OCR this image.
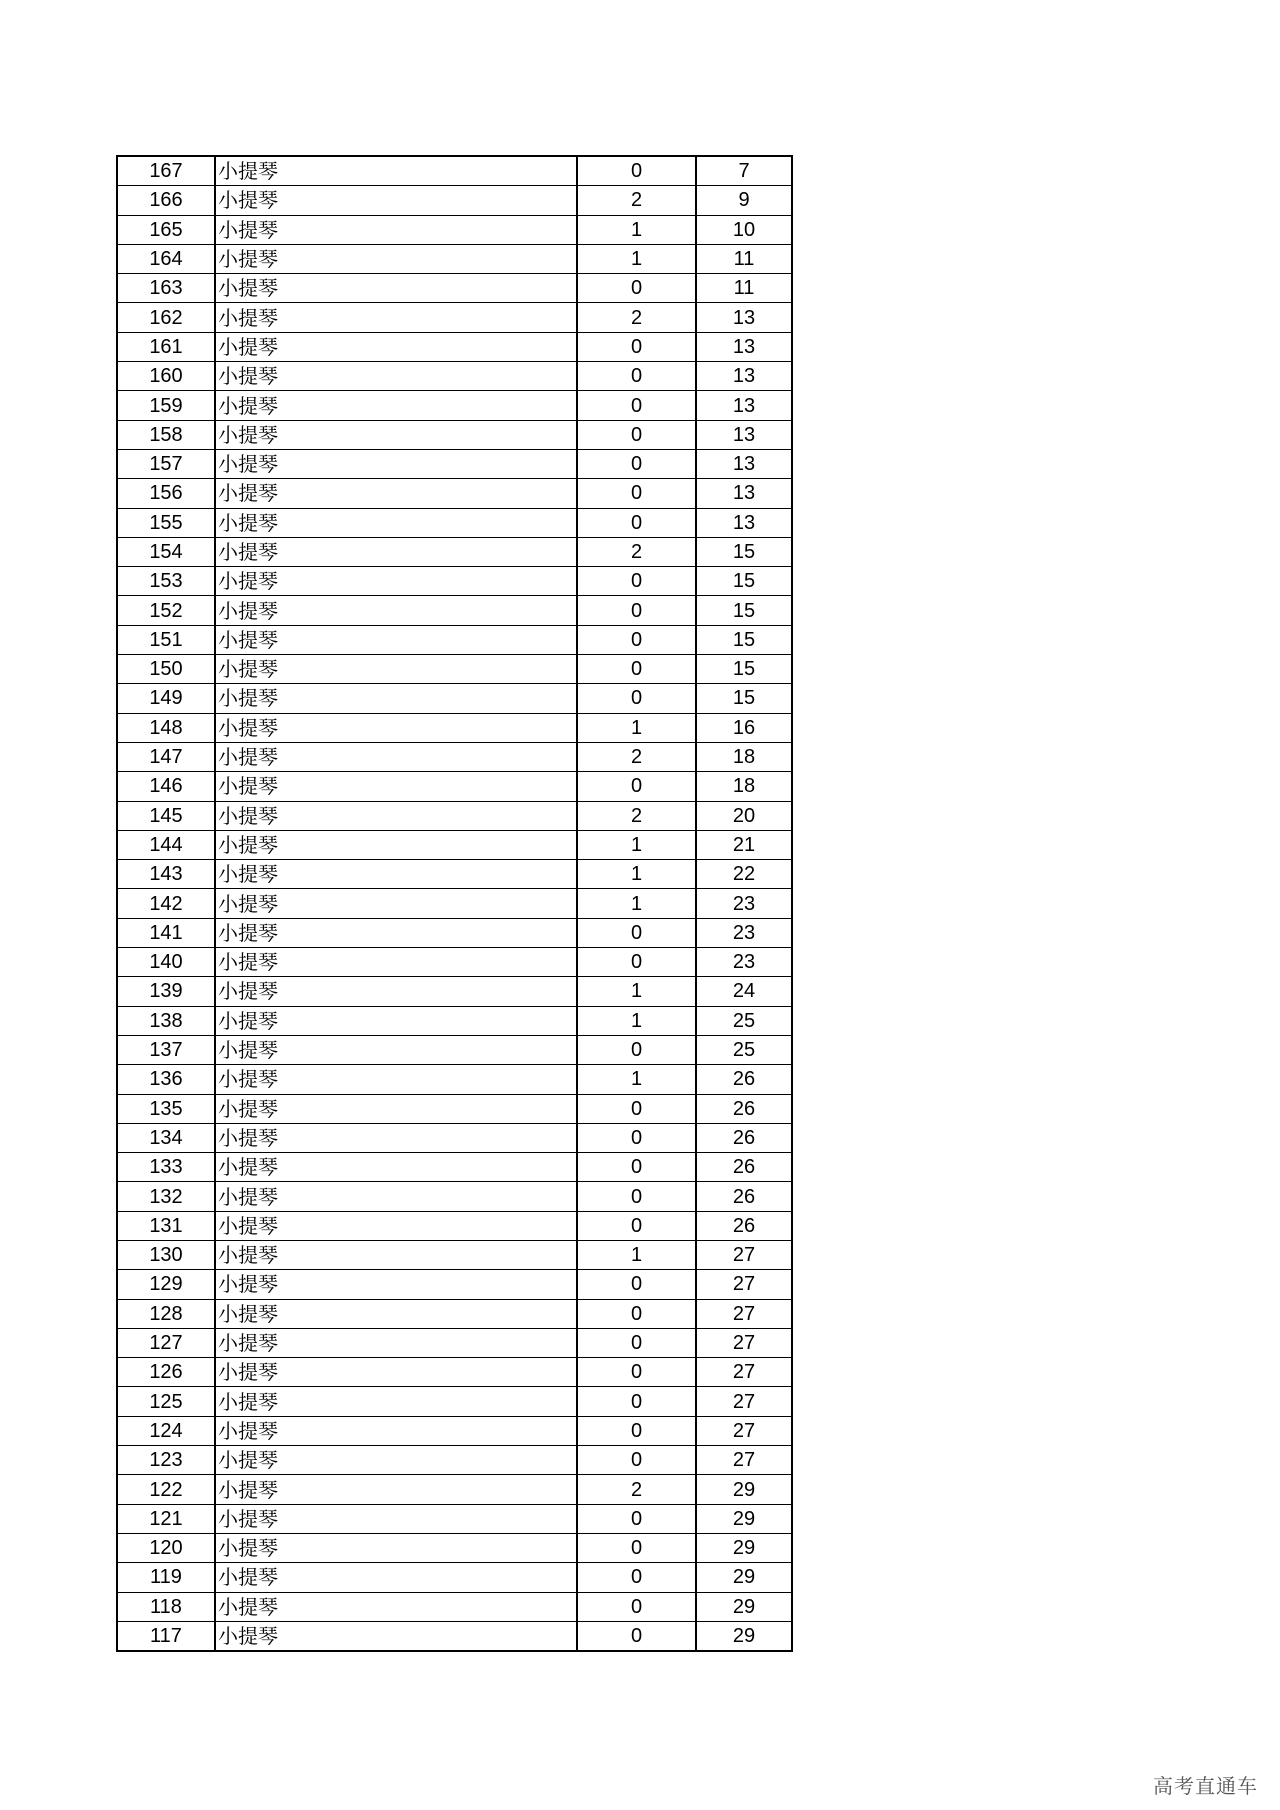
167	小提琴	0	7
166	小提琴	2	9
165	小提琴	1	10
164	小提琴	1	11
163	小提琴	0	11
162	小提琴	2	13
161	小提琴	0	13
160	小提琴	0	13
159	小提琴	0	13
158	小提琴	0	13
157	小提琴	0	13
156	小提琴	0	13
155	小提琴	0	13
154	小提琴	2	15
153	小提琴	0	15
152	小提琴	0	15
151	小提琴	0	15
150	小提琴	0	15
149	小提琴	0	15
148	小提琴	1	16
147	小提琴	2	18
146	小提琴	0	18
145	小提琴	2	20
144	小提琴	1	21
143	小提琴	1	22
142	小提琴	1	23
141	小提琴	0	23
140	小提琴	0	23
139	小提琴	1	24
138	小提琴	1	25
137	小提琴	0	25
136	小提琴	1	26
135	小提琴	0	26
134	小提琴	0	26
133	小提琴	0	26
132	小提琴	0	26
131	小提琴	0	26
130	小提琴	1	27
129	小提琴	0	27
128	小提琴	0	27
127	小提琴	0	27
126	小提琴	0	27
125	小提琴	0	27
124	小提琴	0	27
123	小提琴	0	27
122	小提琴	2	29
121	小提琴	0	29
120	小提琴	0	29
119	小提琴	0	29
118	小提琴	0	29
117	小提琴	0	29
高考直通车
